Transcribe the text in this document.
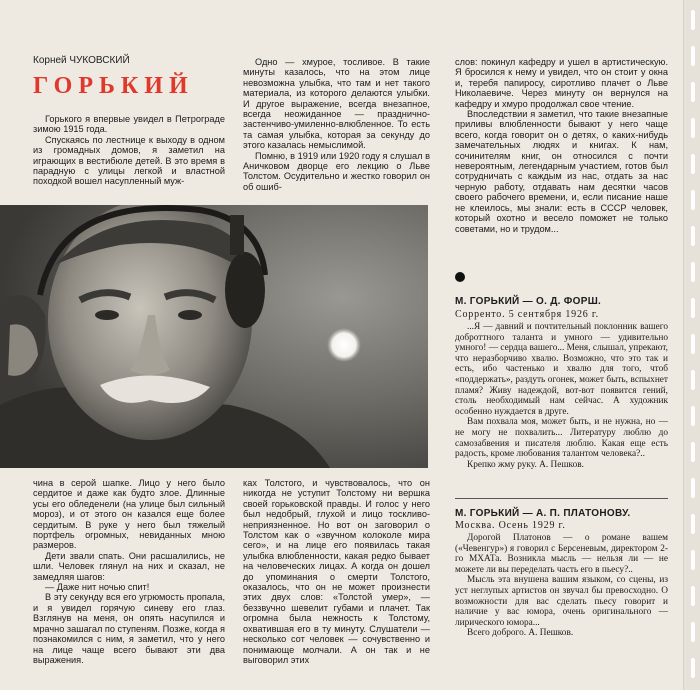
Корней ЧУКОВСКИЙ
ГОРЬКИЙ

Горького я впервые увидел в Петрограде зимою 1915 года.

Спускаясь по лестнице к выходу в одном из громадных домов, я заметил на играющих в вестибюле детей. В это время в парадную с улицы легкой и властной походкой вошел насупленный муж-

Одно — хмурое, тосливое. В такие минуты казалось, что на этом лице невозможна улыбка, что там и нет такого материала, из которого делаются улыбки. И другое выражение, всегда внезапное, всегда неожиданное — празднично-застенчиво-умиленно-влюбленное. То есть та самая улыбка, которая за секунду до этого казалась немыслимой.

Помню, в 1919 или 1920 году я слушал в Аничковом дворце его лекцию о Льве Толстом. Осудительно и жестко говорил он об ошиб-

слов: покинул кафедру и ушел в артистическую. Я бросился к нему и увидел, что он стоит у окна и, теребя папиросу, сиротливо плачет о Льве Николаевиче. Через минуту он вернулся на кафедру и хмуро продолжал свое чтение.

Впоследствии я заметил, что такие внезапные приливы влюбленности бывают у него чаще всего, когда говорит он о детях, о каких-нибудь замечательных людях и книгах. К нам, сочинителям книг, он относился с почти невероятным, легендарным участием, готов был сотрудничать с каждым из нас, отдать за нас черную работу, отдавать нам десятки часов своего рабочего времени, и, если писание наше не клеилось, мы знали: есть в СССР человек, который охотно и весело поможет не только советами, но и трудом...

чина в серой шапке. Лицо у него было сердитое и даже как будто злое. Длинные усы его обледенели (на улице был сильный мороз), и от этого он казался еще более сердитым. В руке у него был тяжелый портфель огромных, невиданных мною размеров.

Дети звали спать. Они расшалились, не шли. Человек глянул на них и сказал, не замедляя шагов:

— Даже нит ночью спит!

В эту секунду вся его угрюмость пропала, и я увидел горячую синеву его глаз. Взглянув на меня, он опять насупился и мрачно зашагал по ступеням. Позже, когда я познакомился с ним, я заметил, что у него на лице чаще всего бывают эти два выражения.

ках Толстого, и чувствовалось, что он никогда не уступит Толстому ни вершка своей горьковской правды. И голос у него был недобрый, глухой и лицо тоскливо-неприязненное. Но вот он заговорил о Толстом как о «звучном колоколе мира сего», и на лице его появилась такая улыбка влюбленности, какая редко бывает на человеческих лицах. А когда он дошел до упоминания о смерти Толстого, оказалось, что он не может произнести этих двух слов: «Толстой умер», — беззвучно шевелит губами и плачет. Так огромна была нежность к Толстому, охватившая его в ту минуту. Слушатели — несколько сот человек — сочувственно и понимающе молчали. А он так и не выговорил этих

М. ГОРЬКИЙ — О. Д. ФОРШ.
Сорренто. 5 сентября 1926 г.

...Я — давний и почтительный поклонник вашего доброттного таланта и умного — удивительно умного! — сердца вашего... Меня, слышал, упрекают, что неразборчиво хвалю. Возможно, что это так и есть, ибо частенько и хвалю для того, чтоб «поддержать», раздуть огонек, может быть, вспыхнет пламя? Живу надеждой, вот-вот появится гений, столь необходимый нам сейчас. А художник особенно нуждается в друге.

Вам похвала моя, может быть, и не нужна, но — не могу не похвалить... Литературу люблю до самозабвения и писателя люблю. Какая еще есть радость, кроме любования талантом человека?..

Крепко жму руку. А. Пешков.

М. ГОРЬКИЙ — А. П. ПЛАТОНОВУ.
Москва. Осень 1929 г.

Дорогой Платонов — о романе вашем («Чевенгур») я говорил с Берсеневым, директором 2-го МХАТа. Возникла мысль — нельзя ли — не можете ли вы переделать часть его в пьесу?..

Мысль эта внушена вашим языком, со сцены, из уст неглупых артистов он звучал бы превосходно. О возможности для вас сделать пьесу говорит и наличие у вас юмора, очень оригинального — лирического юмора...

Всего доброго. А. Пешков.
